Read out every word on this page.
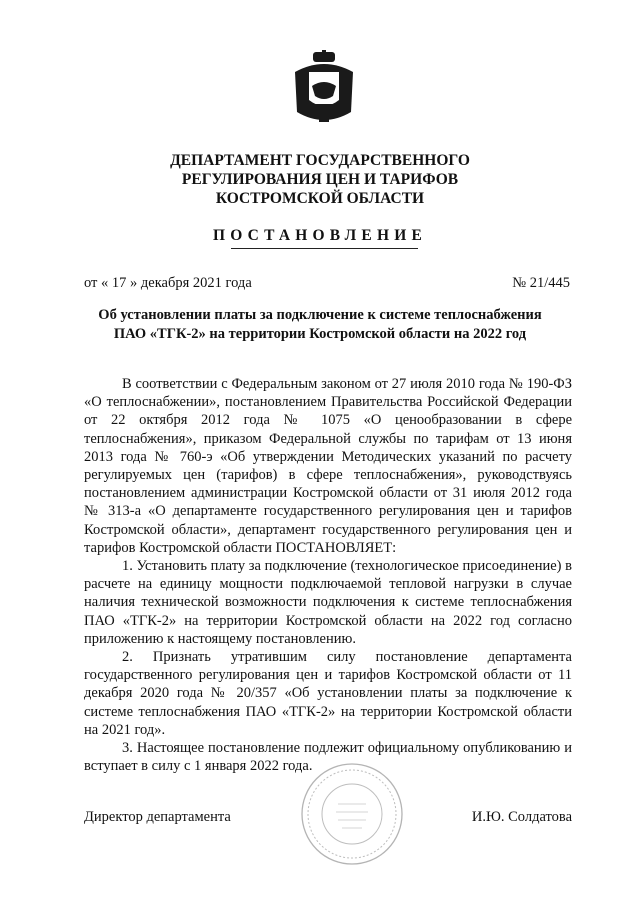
ДЕПАРТАМЕНТ ГОСУДАРСТВЕННОГО
РЕГУЛИРОВАНИЯ ЦЕН И ТАРИФОВ
КОСТРОМСКОЙ ОБЛАСТИ
ПОСТАНОВЛЕНИЕ
от « 17 » декабря 2021 года	№ 21/445
Об установлении платы за подключение к системе теплоснабжения
ПАО «ТГК-2» на территории Костромской области на 2022 год

В соответствии с Федеральным законом от 27 июля 2010 года № 190-ФЗ «О теплоснабжении», постановлением Правительства Российской Федерации от 22 октября 2012 года № 1075 «О ценообразовании в сфере теплоснабжения», приказом Федеральной службы по тарифам от 13 июня 2013 года № 760-э «Об утверждении Методических указаний по расчету регулируемых цен (тарифов) в сфере теплоснабжения», руководствуясь постановлением администрации Костромской области от 31 июля 2012 года № 313-а «О департаменте государственного регулирования цен и тарифов Костромской области», департамент государственного регулирования цен и тарифов Костромской области ПОСТАНОВЛЯЕТ:

1. Установить плату за подключение (технологическое присоединение) в расчете на единицу мощности подключаемой тепловой нагрузки в случае наличия технической возможности подключения к системе теплоснабжения ПАО «ТГК-2» на территории Костромской области на 2022 год согласно приложению к настоящему постановлению.

2. Признать утратившим силу постановление департамента государственного регулирования цен и тарифов Костромской области от 11 декабря 2020 года № 20/357 «Об установлении платы за подключение к системе теплоснабжения ПАО «ТГК-2» на территории Костромской области на 2021 год».

3. Настоящее постановление подлежит официальному опубликованию и вступает в силу с 1 января 2022 года.

Директор департамента	И.Ю. Солдатова
